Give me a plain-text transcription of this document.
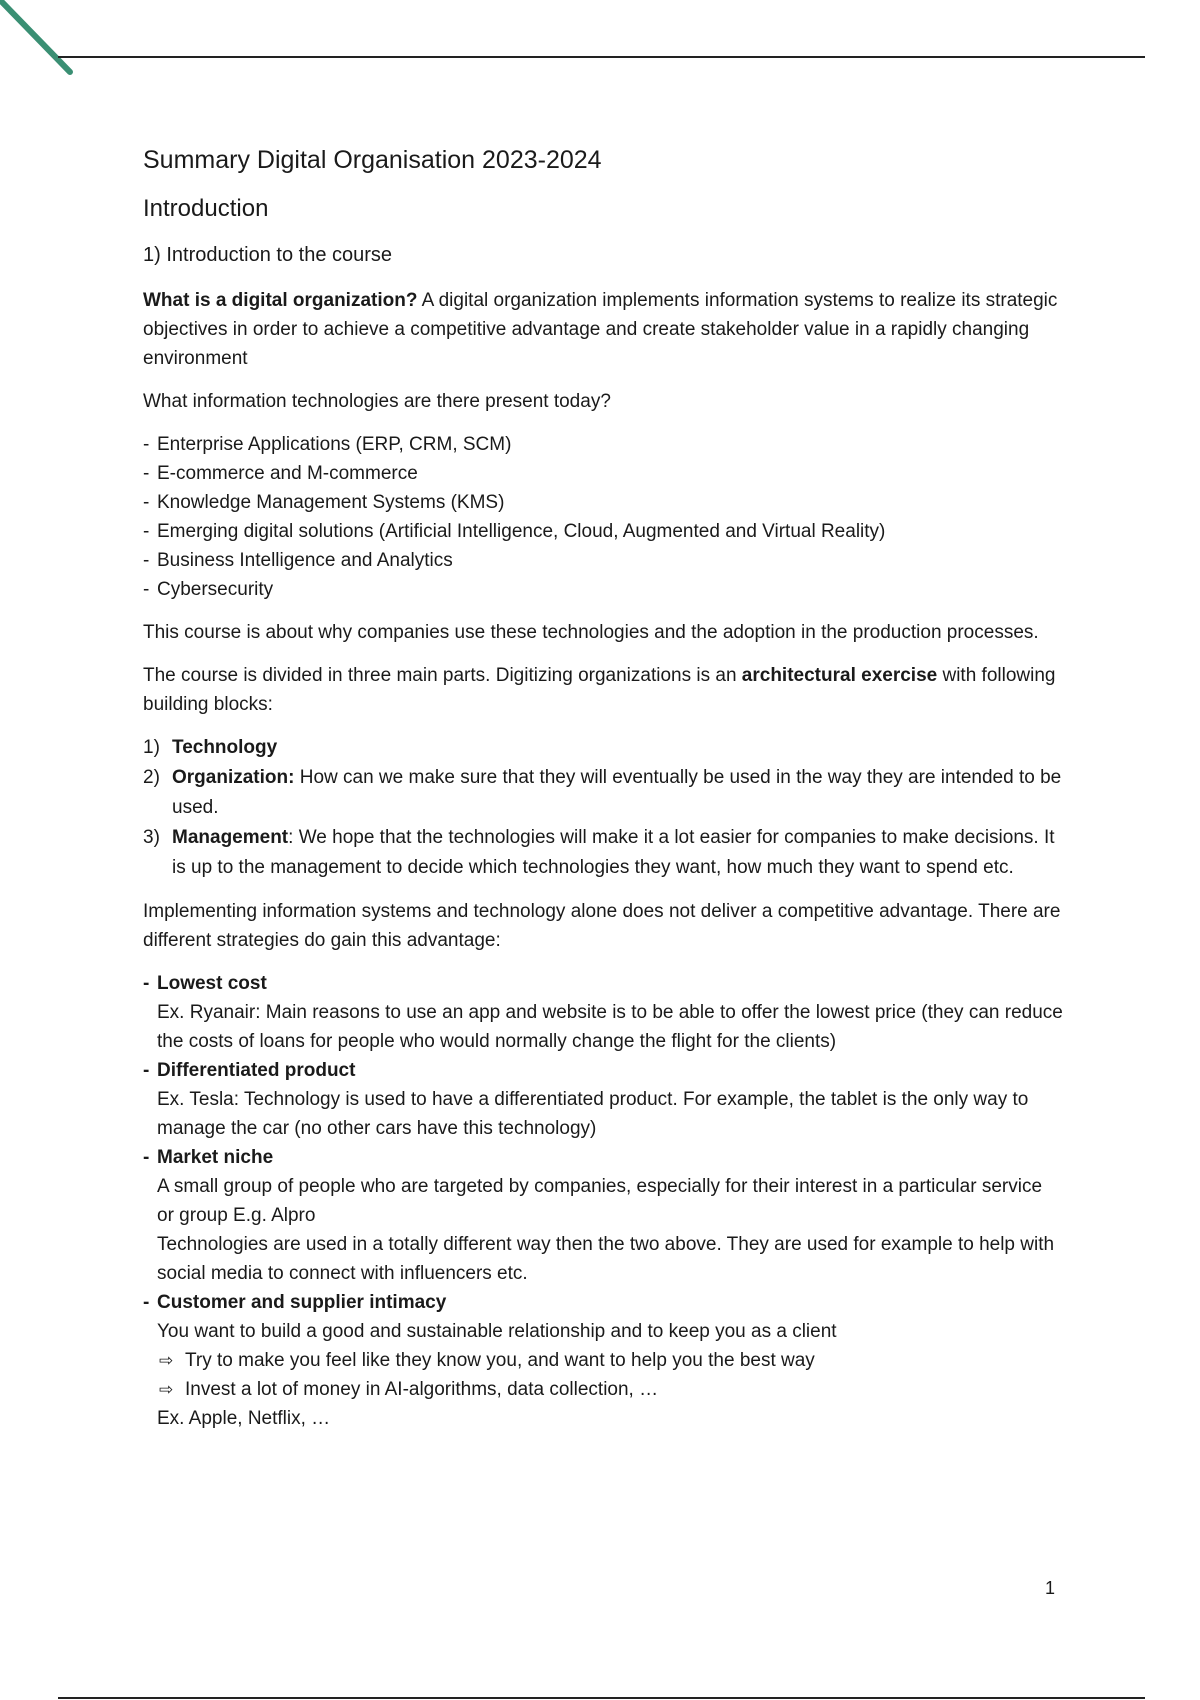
Summary Digital Organisation 2023-2024
Introduction
1) Introduction to the course

What is a digital organization? A digital organization implements information systems to realize its strategic objectives in order to achieve a competitive advantage and create stakeholder value in a rapidly changing environment

What information technologies are there present today?

- Enterprise Applications (ERP, CRM, SCM)
- E-commerce and M-commerce
- Knowledge Management Systems (KMS)
- Emerging digital solutions (Artificial Intelligence, Cloud, Augmented and Virtual Reality)
- Business Intelligence and Analytics
- Cybersecurity

This course is about why companies use these technologies and the adoption in the production processes.

The course is divided in three main parts. Digitizing organizations is an architectural exercise with following building blocks:

1) Technology
2) Organization: How can we make sure that they will eventually be used in the way they are intended to be used.
3) Management: We hope that the technologies will make it a lot easier for companies to make decisions. It is up to the management to decide which technologies they want, how much they want to spend etc.

Implementing information systems and technology alone does not deliver a competitive advantage. There are different strategies do gain this advantage:

- Lowest cost
Ex. Ryanair: Main reasons to use an app and website is to be able to offer the lowest price (they can reduce the costs of loans for people who would normally change the flight for the clients)
- Differentiated product
Ex. Tesla: Technology is used to have a differentiated product. For example, the tablet is the only way to manage the car (no other cars have this technology)
- Market niche
A small group of people who are targeted by companies, especially for their interest in a particular service or group E.g. Alpro
Technologies are used in a totally different way then the two above. They are used for example to help with social media to connect with influencers etc.
- Customer and supplier intimacy
You want to build a good and sustainable relationship and to keep you as a client
⇨ Try to make you feel like they know you, and want to help you the best way
⇨ Invest a lot of money in AI-algorithms, data collection, …
Ex. Apple, Netflix, …
1
